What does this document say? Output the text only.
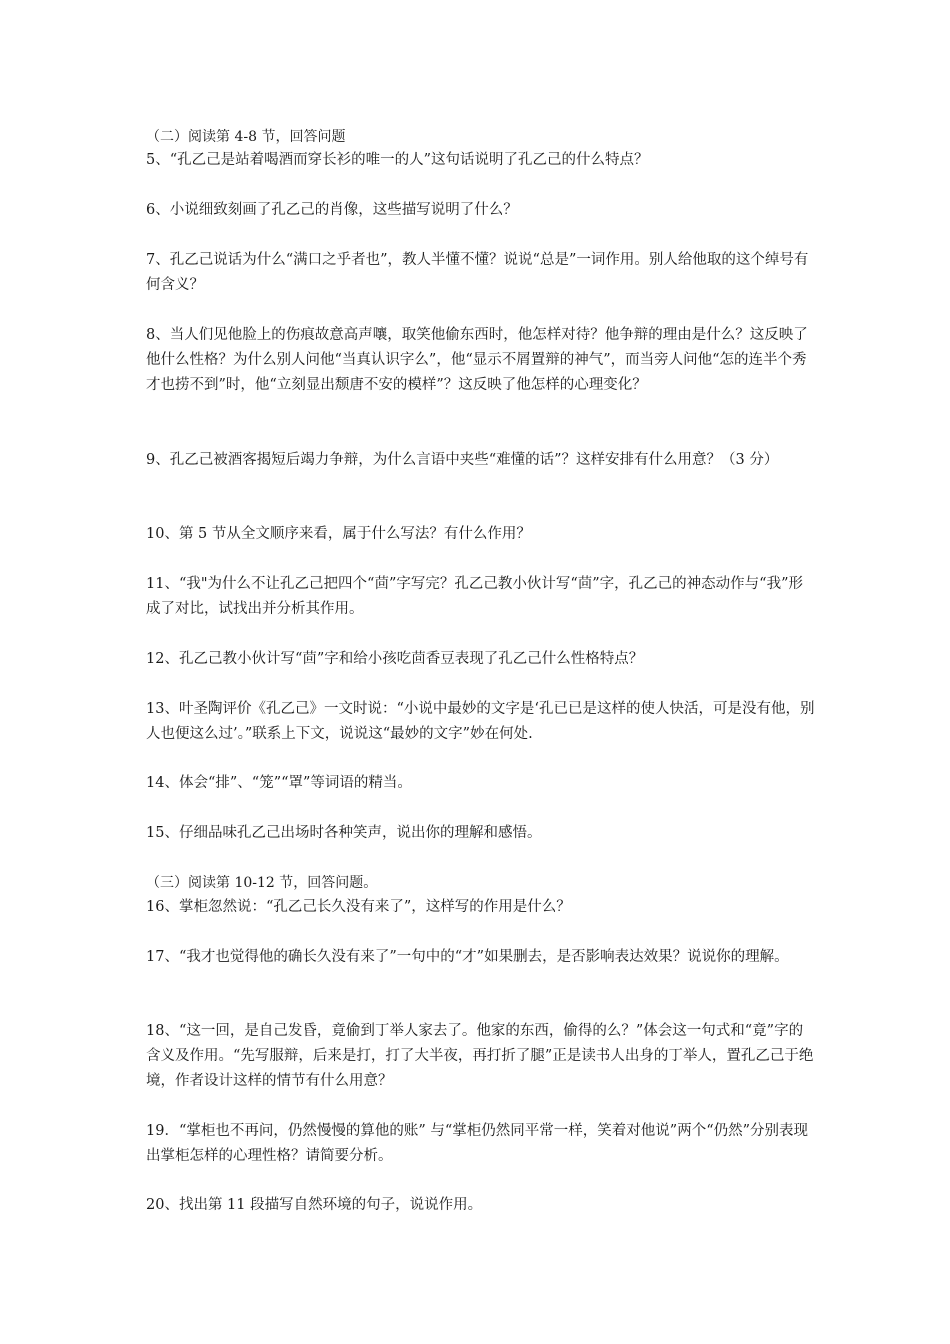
（二）阅读第 4-8 节，回答问题

5、“孔乙己是站着喝酒而穿长衫的唯一的人”这句话说明了孔乙己的什么特点？

6、小说细致刻画了孔乙己的肖像，这些描写说明了什么？

7、孔乙己说话为什么“满口之乎者也”，教人半懂不懂？说说“总是”一词作用。别人给他取的这个绰号有何含义？

8、当人们见他脸上的伤痕故意高声嚷，取笑他偷东西时，他怎样对待？他争辩的理由是什么？这反映了他什么性格？为什么别人问他“当真认识字么”，他“显示不屑置辩的神气”，而当旁人问他“怎的连半个秀才也捞不到”时，他“立刻显出颓唐不安的模样”？这反映了他怎样的心理变化？

9、孔乙己被酒客揭短后竭力争辩，为什么言语中夹些“难懂的话”？这样安排有什么用意？（3 分）

10、第 5 节从全文顺序来看，属于什么写法？有什么作用？

11、“我"为什么不让孔乙己把四个“茴”字写完？孔乙己教小伙计写“茴”字，孔乙己的神态动作与“我”形成了对比，试找出并分析其作用。

12、孔乙己教小伙计写“茴”字和给小孩吃茴香豆表现了孔乙己什么性格特点？

13、叶圣陶评价《孔乙己》一文时说：“小说中最妙的文字是‘孔已已是这样的使人快活，可是没有他，别人也便这么过’。”联系上下文，说说这“最妙的文字”妙在何处.

14、体会“排”、“笼”“罩”等词语的精当。

15、仔细品味孔乙己出场时各种笑声，说出你的理解和感悟。

（三）阅读第 10-12 节，回答问题。

16、掌柜忽然说：“孔乙己长久没有来了”，这样写的作用是什么？

17、“我才也觉得他的确长久没有来了”一句中的“才”如果删去，是否影响表达效果？说说你的理解。

18、“这一回，是自己发昏，竟偷到丁举人家去了。他家的东西，偷得的么？”体会这一句式和“竟”字的含义及作用。“先写服辩，后来是打，打了大半夜，再打折了腿”正是读书人出身的丁举人，置孔乙己于绝境，作者设计这样的情节有什么用意？

19．“掌柜也不再问，仍然慢慢的算他的账” 与“掌柜仍然同平常一样，笑着对他说”两个“仍然”分别表现出掌柜怎样的心理性格？请简要分析。

20、找出第 11 段描写自然环境的句子，说说作用。
